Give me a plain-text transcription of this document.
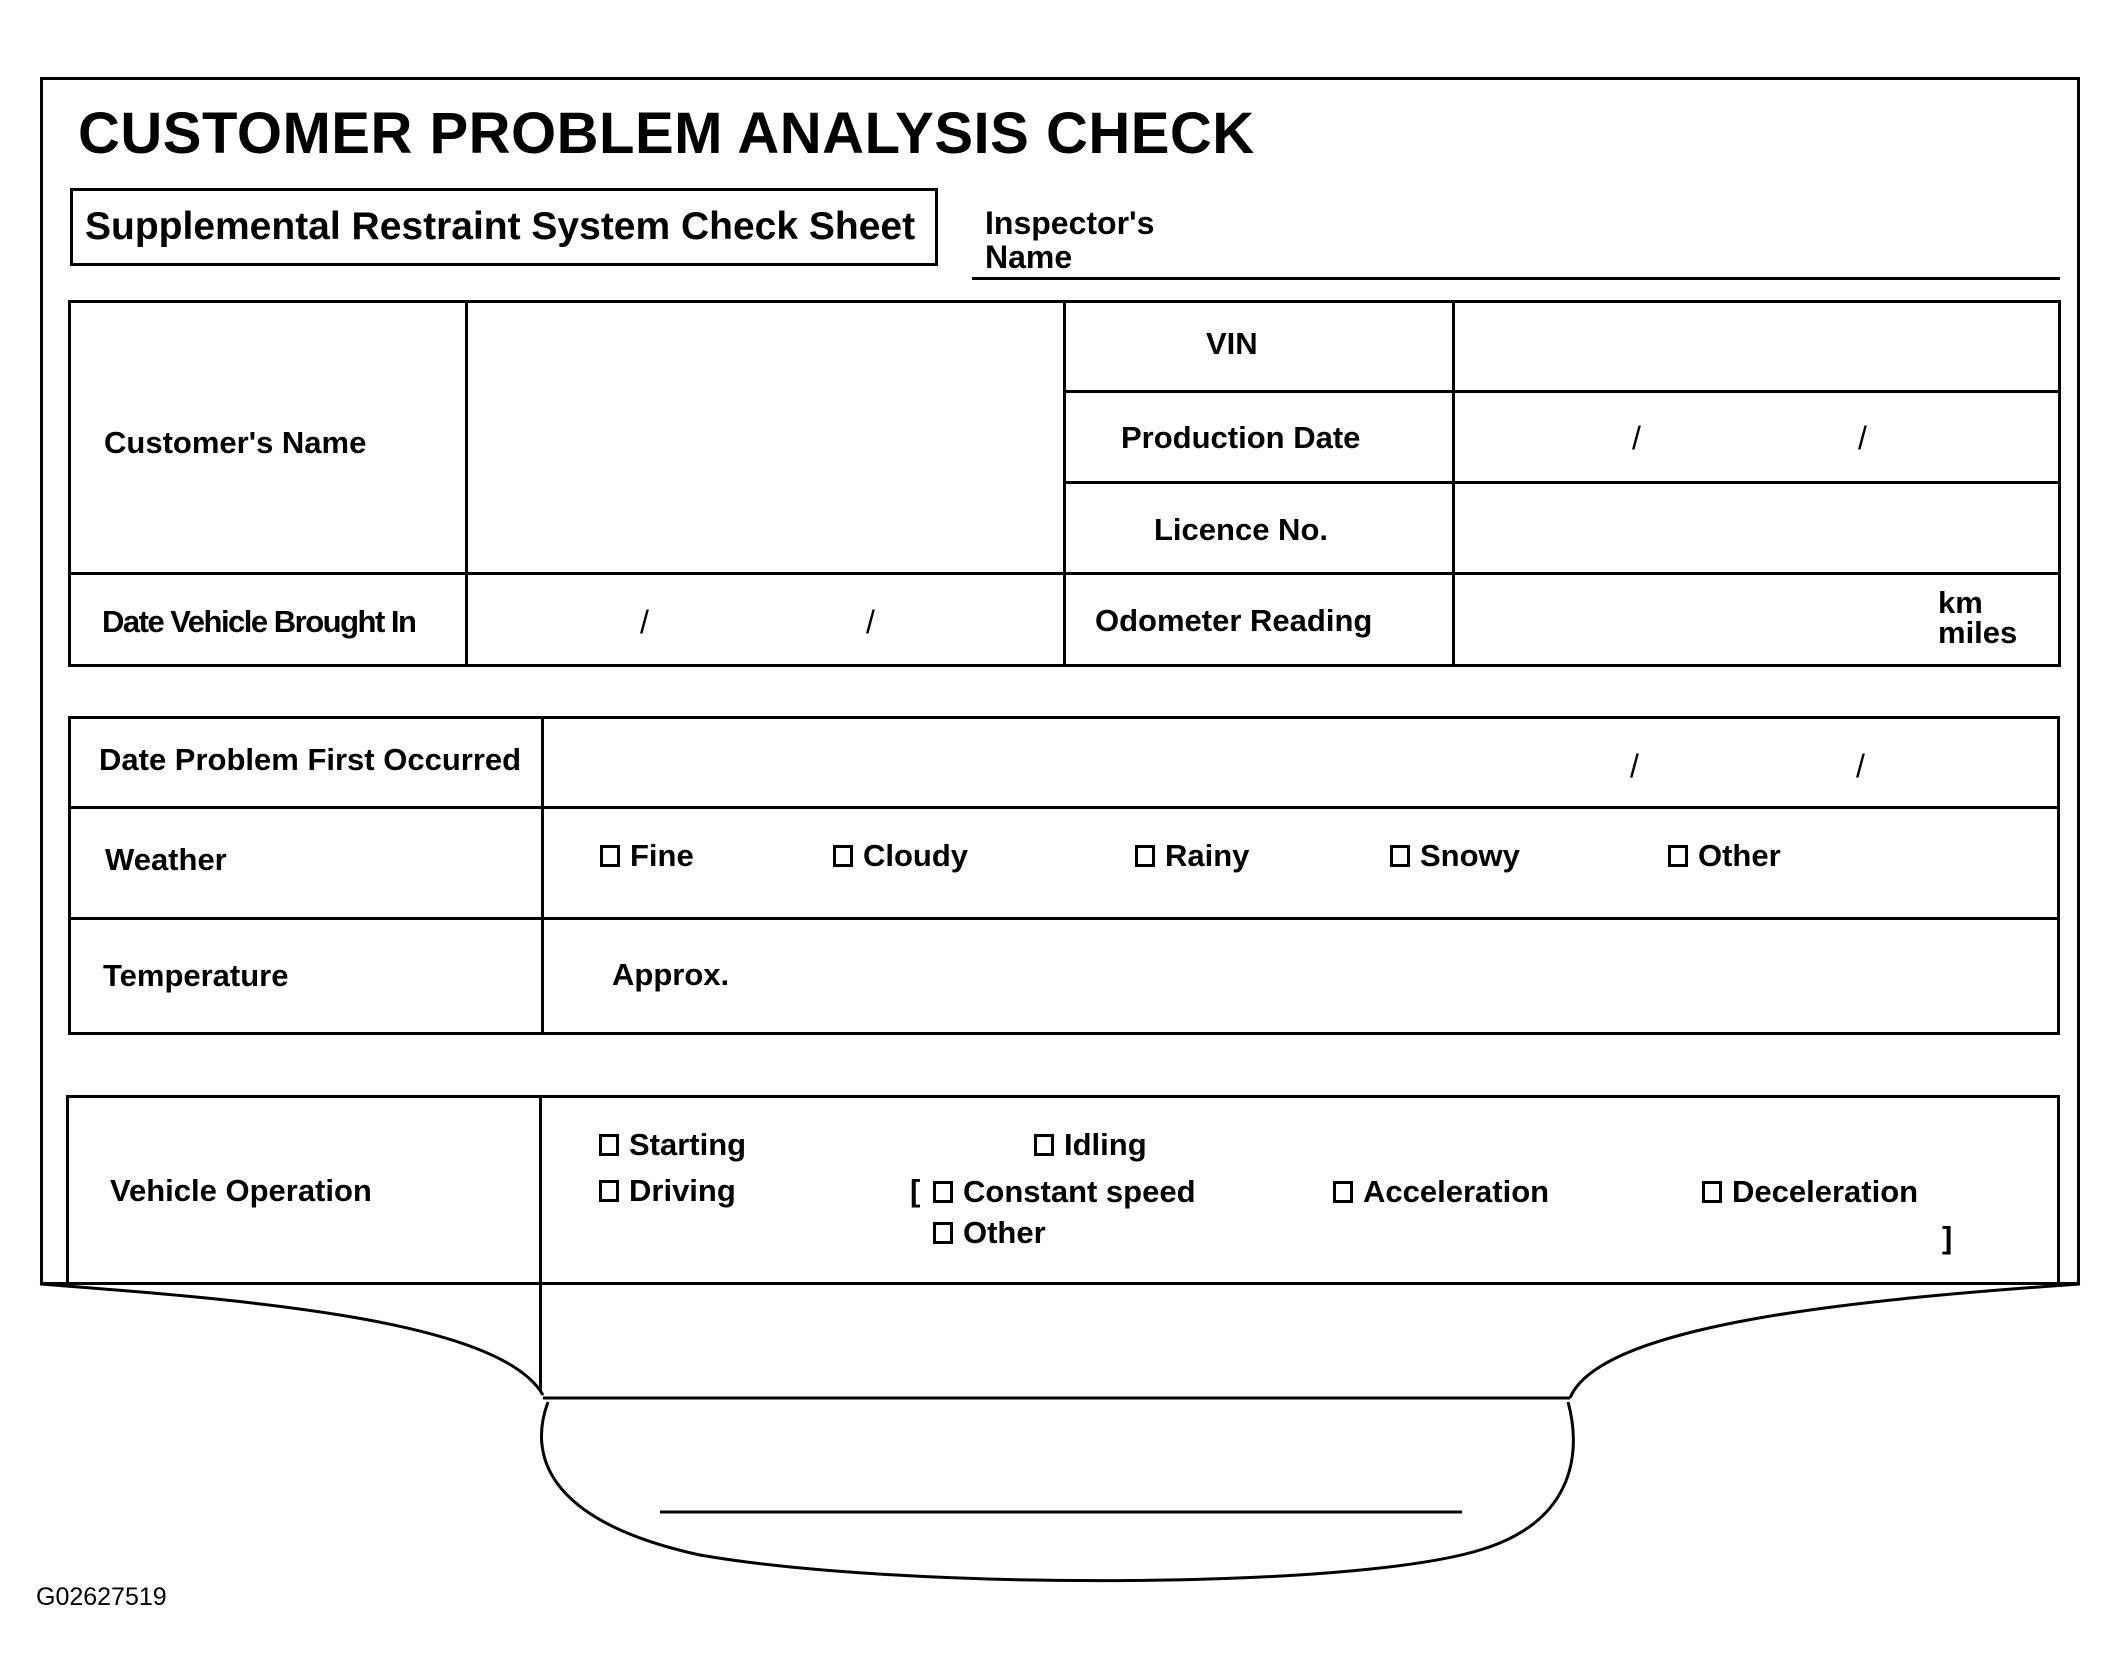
CUSTOMER PROBLEM ANALYSIS CHECK
Supplemental Restraint System Check Sheet Inspector's
Name
Customer's Name
VIN
Production Date	/	/
Licence No.
Date Vehicle Brought In	/	/	Odometer Reading
km
miles
Date Problem First Occurred	/	/
Weather	Fine	Cloudy	Rainy	Snowy	Other
Temperature	Approx.
Vehicle Operation
Starting	Idling
Driving	[ Constant speed	Acceleration	Deceleration
Other	]
G02627519
